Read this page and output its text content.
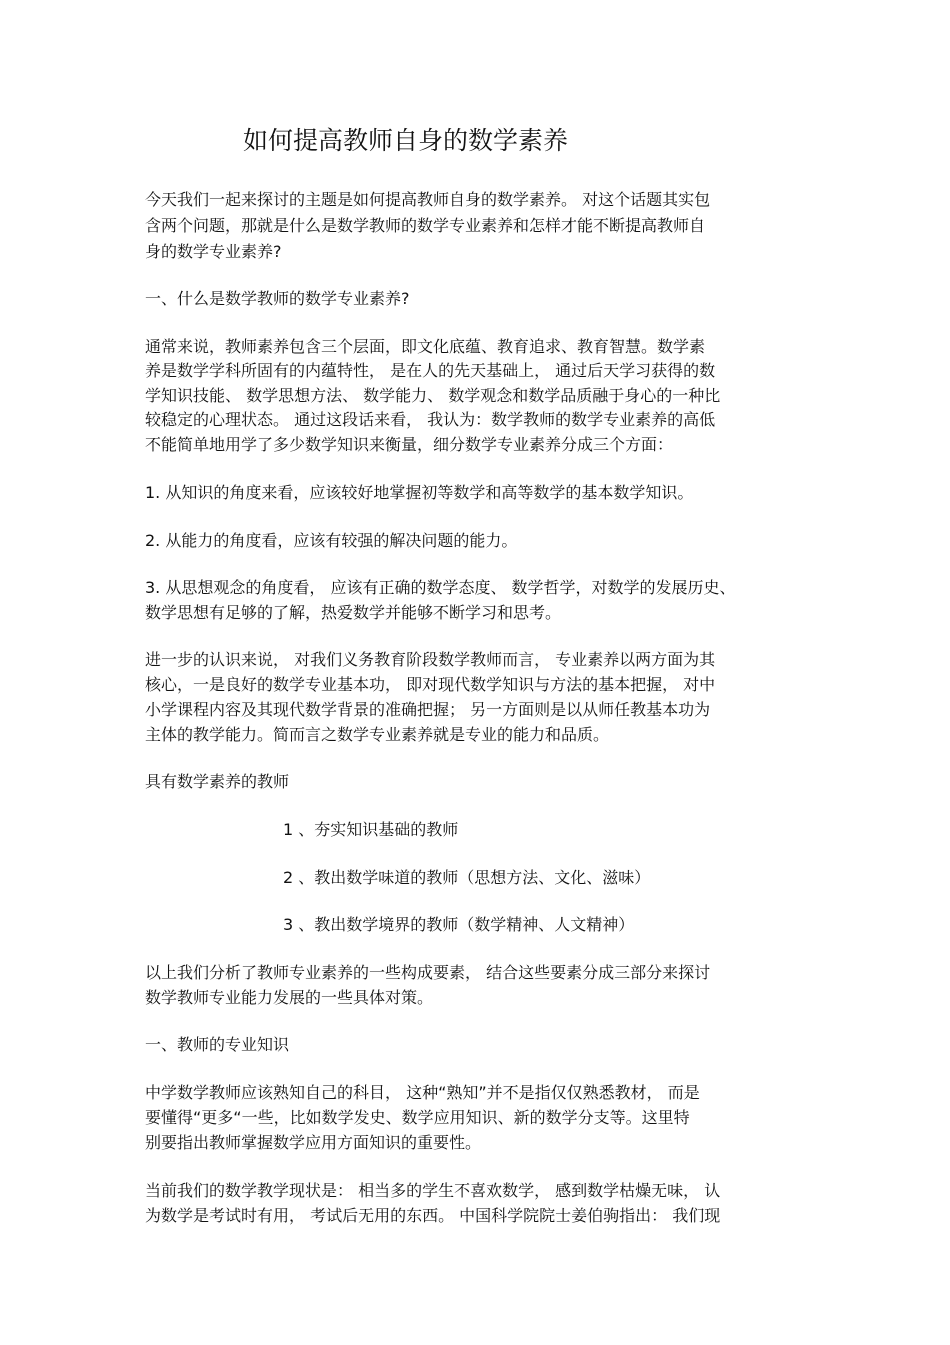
如何提高教师自身的数学素养
今天我们一起来探讨的主题是如何提高教师自身的数学素养。 对这个话题其实包
含两个问题，那就是什么是数学教师的数学专业素养和怎样才能不断提高教师自
身的数学专业素养?
一、什么是数学教师的数学专业素养?
通常来说，教师素养包含三个层面，即文化底蕴、教育追求、教育智慧。数学素
养是数学学科所固有的内蕴特性， 是在人的先天基础上， 通过后天学习获得的数
学知识技能、 数学思想方法、 数学能力、 数学观念和数学品质融于身心的一种比
较稳定的心理状态。 通过这段话来看， 我认为：数学教师的数学专业素养的高低
不能简单地用学了多少数学知识来衡量，细分数学专业素养分成三个方面：
1. 从知识的角度来看，应该较好地掌握初等数学和高等数学的基本数学知识。
2. 从能力的角度看，应该有较强的解决问题的能力。
3. 从思想观念的角度看， 应该有正确的数学态度、 数学哲学，对数学的发展历史、
数学思想有足够的了解，热爱数学并能够不断学习和思考。
进一步的认识来说， 对我们义务教育阶段数学教师而言， 专业素养以两方面为其
核心，一是良好的数学专业基本功， 即对现代数学知识与方法的基本把握， 对中
小学课程内容及其现代数学背景的准确把握； 另一方面则是以从师任教基本功为
主体的教学能力。简而言之数学专业素养就是专业的能力和品质。
具有数学素养的教师
1 、夯实知识基础的教师
2 、教出数学味道的教师（思想方法、文化、滋味）
3 、教出数学境界的教师（数学精神、人文精神）
以上我们分析了教师专业素养的一些构成要素， 结合这些要素分成三部分来探讨
数学教师专业能力发展的一些具体对策。
一、教师的专业知识
中学数学教师应该熟知自己的科目， 这种“熟知”并不是指仅仅熟悉教材， 而是
要懂得“更多“一些，比如数学发史、数学应用知识、新的数学分支等。这里特
别要指出教师掌握数学应用方面知识的重要性。
当前我们的数学教学现状是： 相当多的学生不喜欢数学， 感到数学枯燥无味， 认
为数学是考试时有用， 考试后无用的东西。 中国科学院院士姜伯驹指出： 我们现
